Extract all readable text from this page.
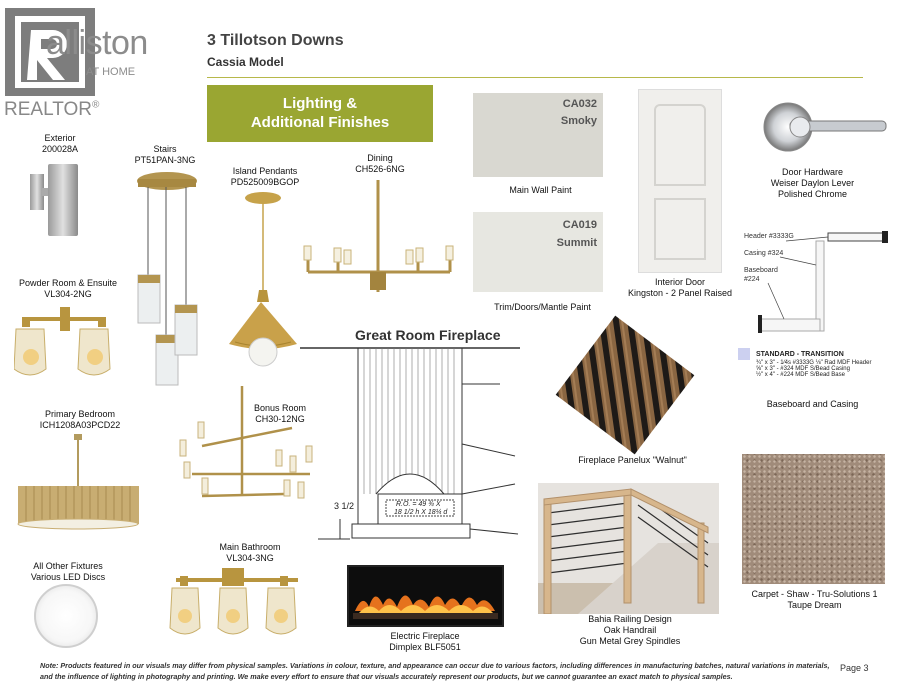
alliston
AT HOME
REALTOR®
3 Tillotson Downs
Cassia Model
Lighting &
Additional Finishes
Exterior
200028A	Stairs
PT51PAN-3NG
Island Pendants
PD525009BGOP
Dining
CH526-6NG
Powder Room & Ensuite
VL304-2NG
CA032
Smoky
Main Wall Paint
CA019
Summit
Trim/Doors/Mantle Paint
Interior Door
Kingston - 2 Panel Raised
Door Hardware
Weiser Daylon Lever
Polished Chrome
Header #3333G
Casing #324
Baseboard
#224
STANDARD - TRANSITION
¾" x 3" - 1⁄4s #3333G ⅛" Rad MDF Header
⅝" x 3" - #324 MDF S/Bead Casing
½" x 4" - #224 MDF S/Bead Base
Baseboard and Casing
Primary Bedroom
ICH1208A03PCD22
Bonus Room
CH30-12NG
Great Room Fireplace
R.O. = 49 ¾ X
18 1/2 h X 18¼ d
3 1/2
Fireplace Panelux "Walnut"
Carpet - Shaw - Tru-Solutions 1
Taupe Dream
Bahia Railing Design
Oak Handrail
Gun Metal Grey Spindles
Electric Fireplace
Dimplex BLF5051
Main Bathroom
VL304-3NG
All Other Fixtures
Various LED Discs
Note: Products featured in our visuals may differ from physical samples. Variations in colour, texture, and appearance can occur due to various factors, including differences in manufacturing batches, natural variations in materials, and the influence of lighting in photography and printing. We make every effort to ensure that our visuals accurately represent our products, but we cannot guarantee an exact match to physical samples.
Page 3
